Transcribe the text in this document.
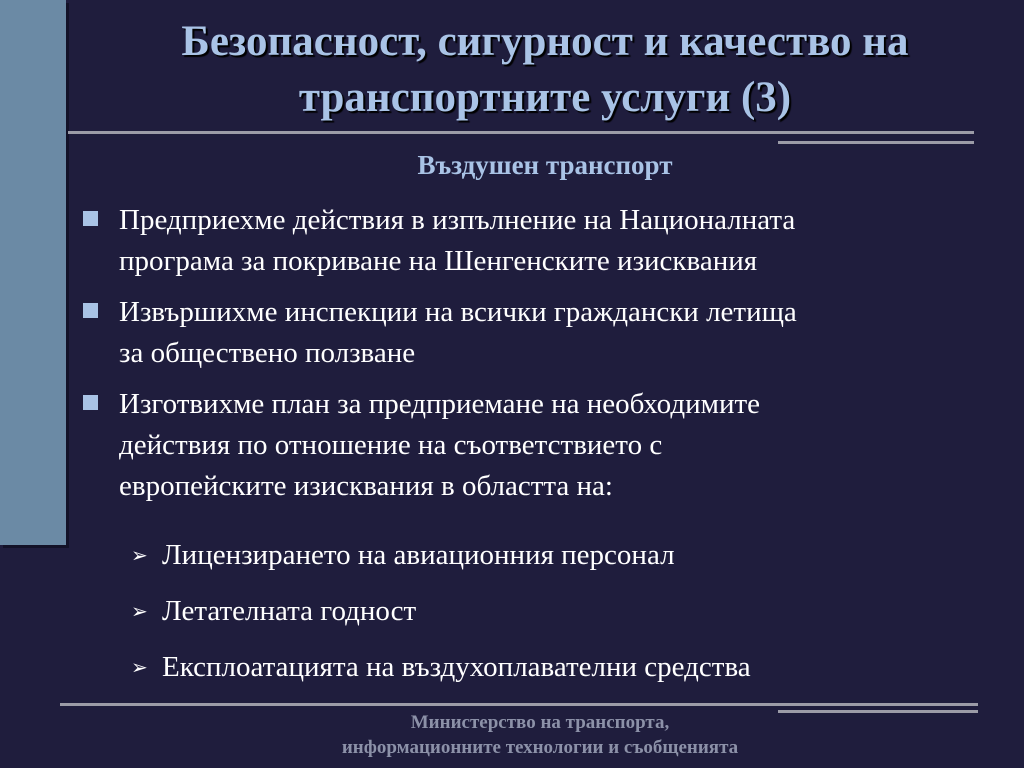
Безопасност, сигурност и качество на
транспортните услуги (3)
Въздушен транспорт
Предприехме действия в изпълнение на Националната
програма за покриване на Шенгенските изисквания
Извършихме инспекции на всички граждански летища
за обществено ползване
Изготвихме план за предприемане на необходимите
действия по отношение на съответствието с
европейските изисквания в областта на:
➢ Лицензирането на авиационния персонал
➢ Летателната годност
➢ Експлоатацията на въздухоплавателни средства

Министерство на транспорта,
информационните технологии и съобщенията
